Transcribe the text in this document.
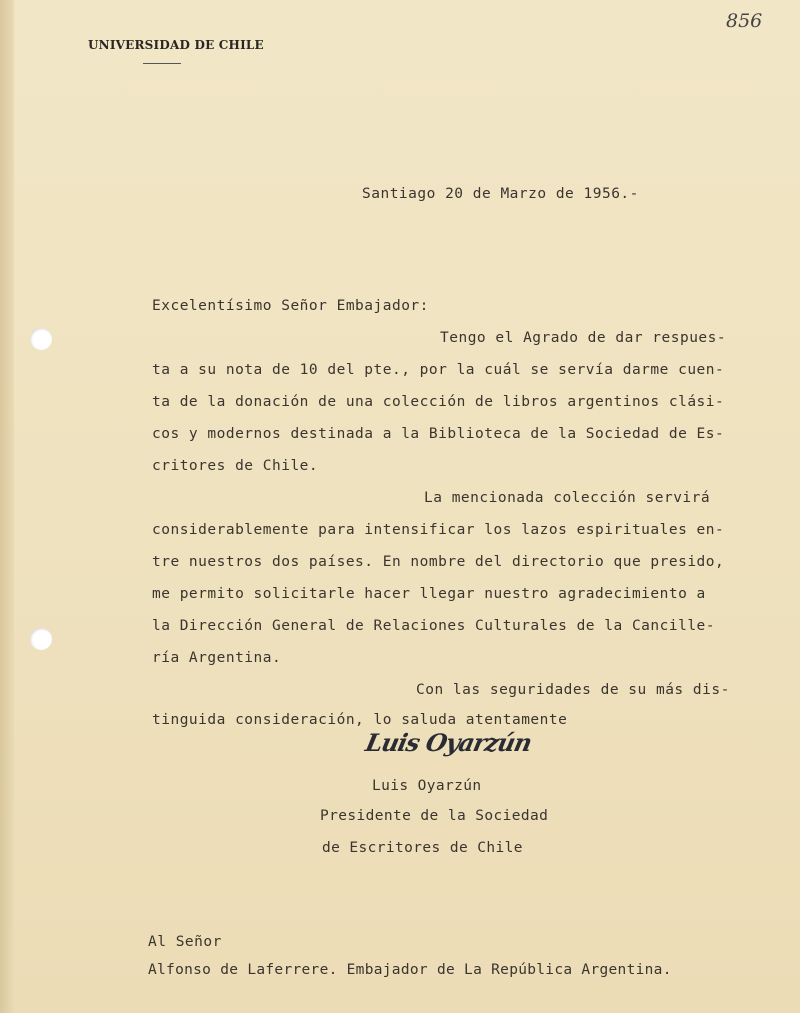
UNIVERSIDAD DE CHILE
856
Santiago 20 de Marzo de 1956.-
Excelentísimo Señor Embajador:
Tengo el Agrado de dar respues-
ta a su nota de 10 del pte., por la cuál se servía darme cuen-
ta de la donación de una colección de libros argentinos clási-
cos y modernos destinada a la Biblioteca de la Sociedad de Es-
critores de Chile.
La mencionada colección servirá
considerablemente para intensificar los lazos espirituales en-
tre nuestros dos países. En nombre del directorio que presido,
me permito solicitarle hacer llegar nuestro agradecimiento a
la Dirección General de Relaciones Culturales de la Cancille-
ría Argentina.
Con las seguridades de su más dis-
tinguida consideración, lo saluda atentamente
Luis Oyarzún
Luis Oyarzún
Presidente de la Sociedad
de Escritores de Chile
Al Señor
Alfonso de Laferrere. Embajador de La República Argentina.
